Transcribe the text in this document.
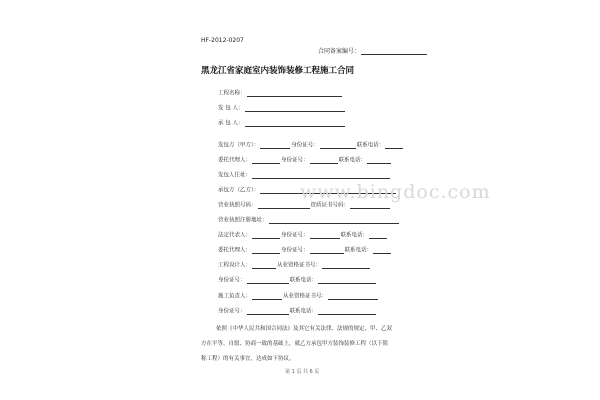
HF-2012-0207
合同备案编号：
黑龙江省家庭室内装饰装修工程施工合同
工程名称：
发 包 人：
承 包 人：
发包方（甲方）：	身份证号：	联系电话：
委托代理人：	身份证号：	联系电话：
发包人住址：
承包方（乙方）：
营业执照号码：	资质证书号码：
营业执照注册地址：
法定代表人：	身份证号：	联系电话：
委托代理人：	身份证号：	联系电话：
工程设计人：	从业资格证书号：
身份证号：	联系电话：
施工负责人：	从业资格证书号：
身份证号：	联系电话：
依照《中华人民共和国合同法》及其它有关法律、法规的规定，甲、乙双
方在平等、自愿、协商一致的基础上，就乙方承包甲方装饰装修工程（以下简
称工程）的有关事宜，达成如下协议。
www.bingdoc.com
第 1 页 共 6 页
